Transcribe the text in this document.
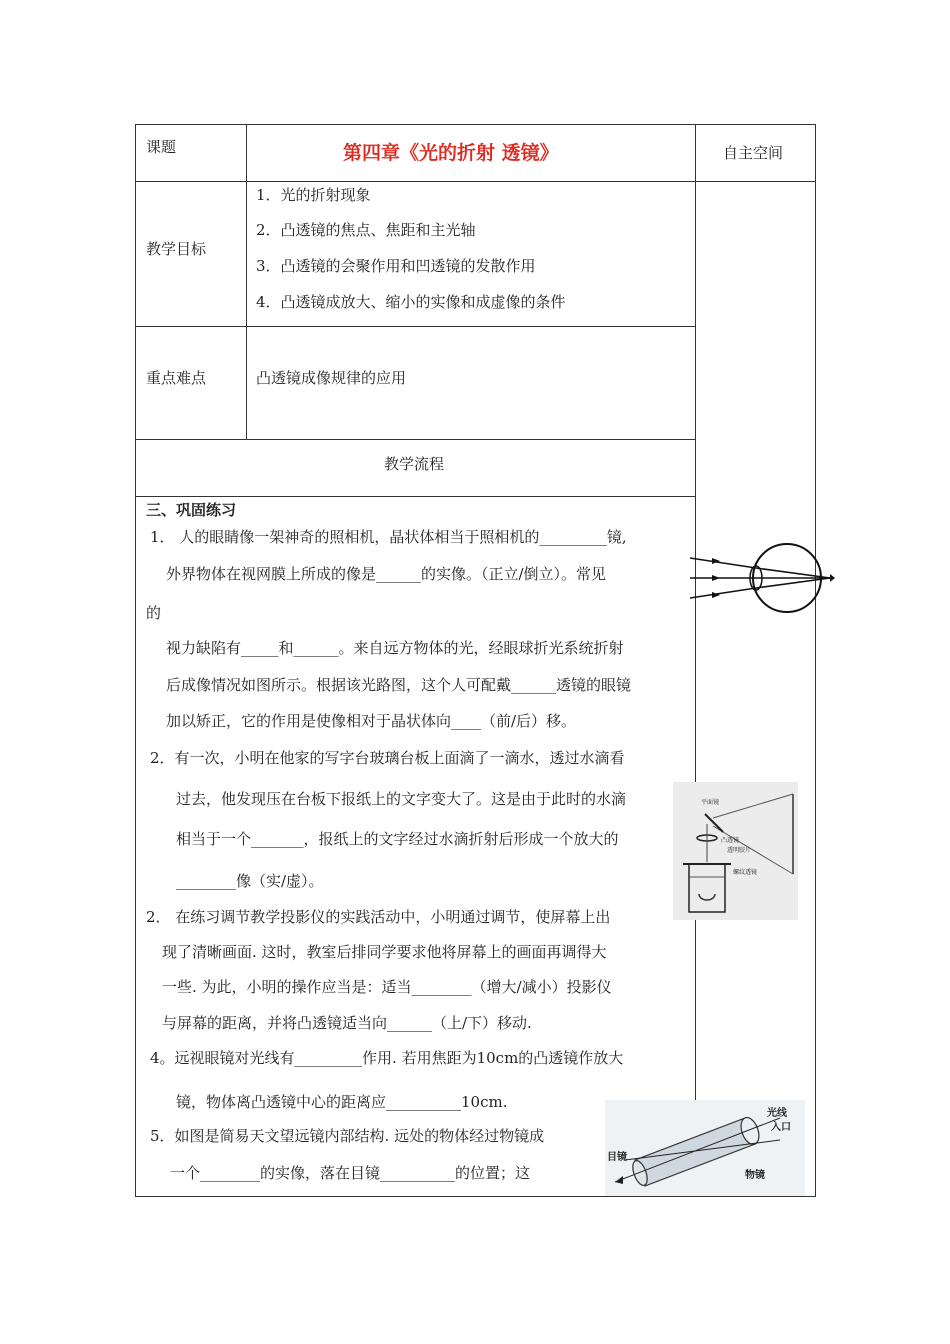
课题	第四章《光的折射 透镜》	自主空间
教学目标
1．光的折射现象
2．凸透镜的焦点、焦距和主光轴
3．凸透镜的会聚作用和凹透镜的发散作用
4．凸透镜成放大、缩小的实像和成虚像的条件
重点难点	凸透镜成像规律的应用
教学流程
三、巩固练习
1． 人的眼睛像一架神奇的照相机，晶状体相当于照相机的_________镜,
外界物体在视网膜上所成的像是______的实像。（正立/倒立）。常见
的
视力缺陷有_____和______。来自远方物体的光，经眼球折光系统折射
后成像情况如图所示。根据该光路图，这个人可配戴______透镜的眼镜
加以矫正，它的作用是使像相对于晶状体向____（前/后）移。
2．有一次，小明在他家的写字台玻璃台板上面滴了一滴水，透过水滴看
过去，他发现压在台板下报纸上的文字变大了。这是由于此时的水滴
相当于一个_______，报纸上的文字经过水滴折射后形成一个放大的
________像（实/虚）。
2． 在练习调节教学投影仪的实践活动中，小明通过调节，使屏幕上出
现了清晰画面. 这时，教室后排同学要求他将屏幕上的画面再调得大
一些. 为此，小明的操作应当是：适当________（增大/减小）投影仪
与屏幕的距离，并将凸透镜适当向______（上/下）移动.
4。远视眼镜对光线有_________作用. 若用焦距为10cm的凸透镜作放大
镜，物体离凸透镜中心的距离应__________10cm.
5．如图是简易天文望远镜内部结构. 远处的物体经过物镜成
一个________的实像，落在目镜__________的位置；这
平面镜
凸透镜
透明胶片
螺纹透镜
光线
入口
目镜
物镜
